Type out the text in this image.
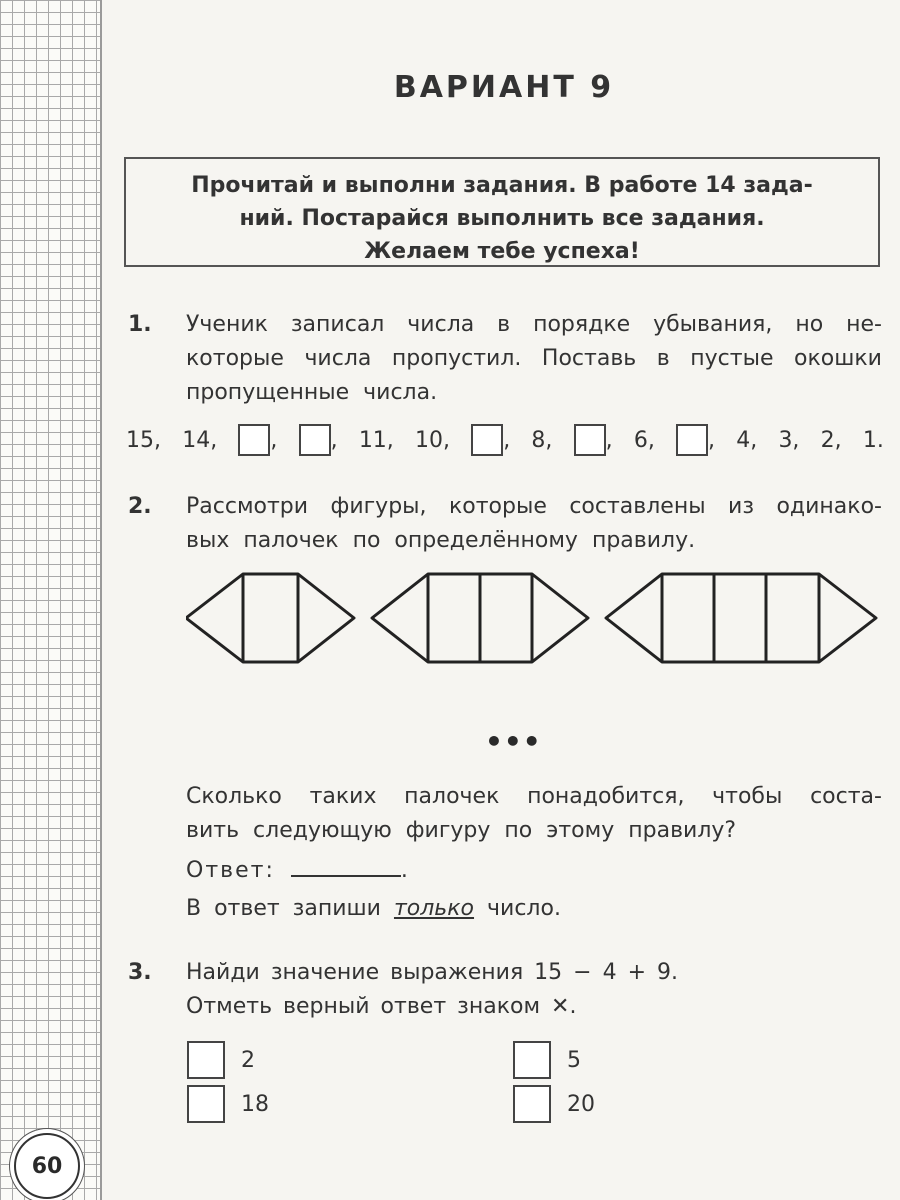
60
ВАРИАНТ 9
Прочитай и выполни задания. В работе 14 зада-
ний. Постарайся выполнить все задания.
Желаем тебе успеха!
1. Ученик записал числа в порядке убывания, но не-
которые числа пропустил. Поставь в пустые окошки
пропущенные числа.
15, 14, , , 11, 10, , 8, , 6, , 4, 3, 2, 1.
2. Рассмотри фигуры, которые составлены из одинако-
вых палочек по определённому правилу.
•••
Сколько таких палочек понадобится, чтобы соста-
вить следующую фигуру по этому правилу?
Ответ:	.
В ответ запиши только число.
3. Найди значение выражения 15 − 4 + 9.
Отметь верный ответ знаком ✕.
2	5
18	20
